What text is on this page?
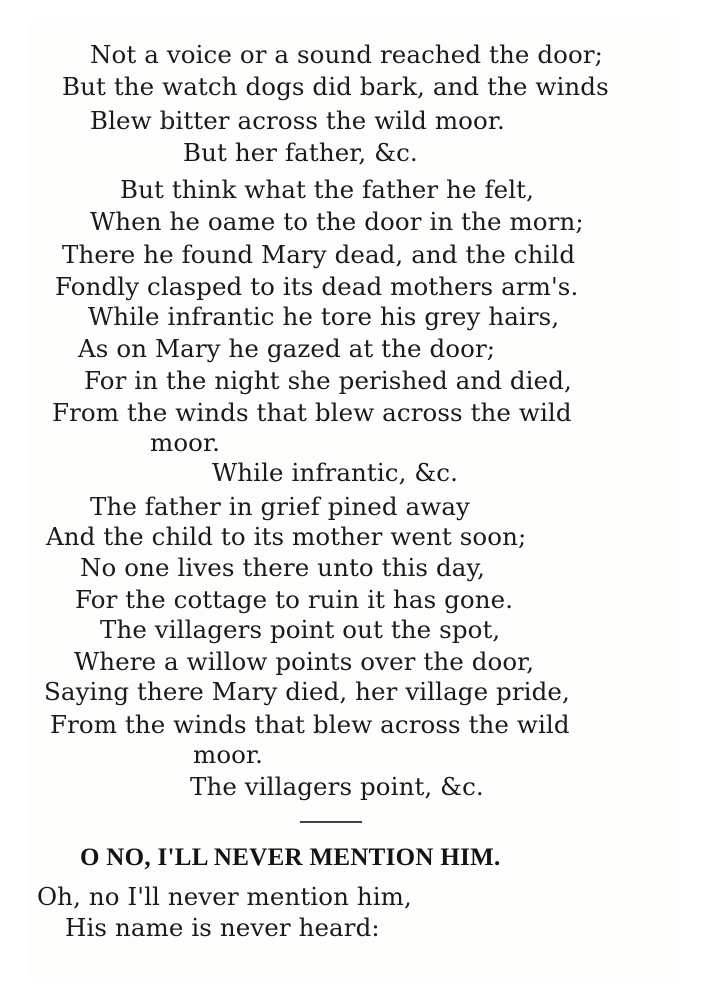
Not a voice or a sound reached the door;
But the watch dogs did bark, and the winds
Blew bitter across the wild moor.
But her father, &c.
But think what the father he felt,
When he oame to the door in the morn;
There he found Mary dead, and the child
Fondly clasped to its dead mothers arm's.
While infrantic he tore his grey hairs,
As on Mary he gazed at the door;
For in the night she perished and died,
From the winds that blew across the wild
moor.
While infrantic, &c.
The father in grief pined away
And the child to its mother went soon;
No one lives there unto this day,
For the cottage to ruin it has gone.
The villagers point out the spot,
Where a willow points over the door,
Saying there Mary died, her village pride,
From the winds that blew across the wild
moor.
The villagers point, &c.
O NO, I'LL NEVER MENTION HIM.
Oh, no I'll never mention him,
His name is never heard:
